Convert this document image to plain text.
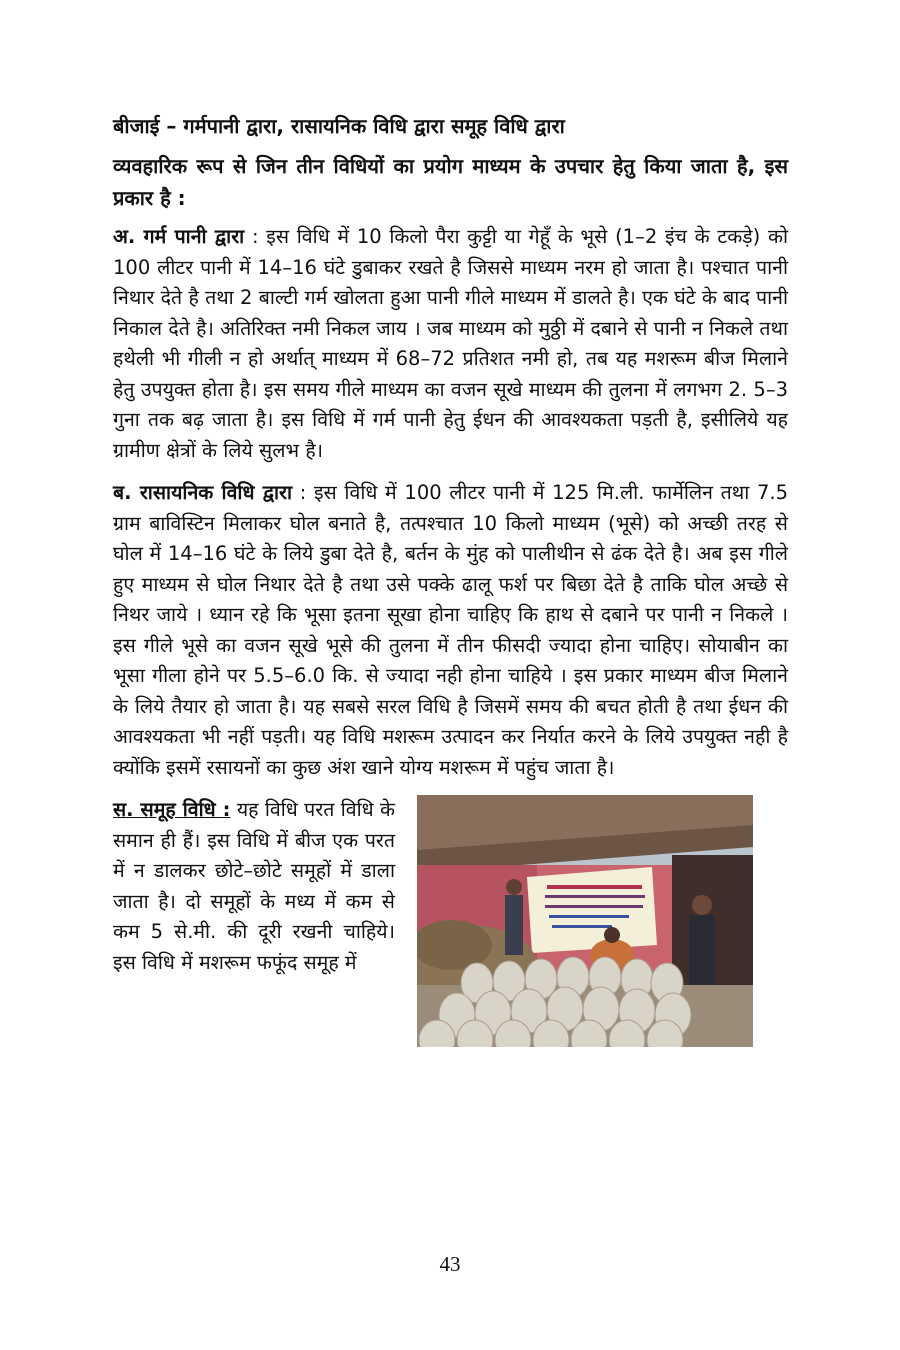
बीजाई – गर्मपानी द्वारा, रासायनिक विधि द्वारा समूह विधि द्वारा
व्यवहारिक रूप से जिन तीन विधियों का प्रयोग माध्यम के उपचार हेतु किया जाता है, इस प्रकार है :

अ. गर्म पानी द्वारा : इस विधि में 10 किलो पैरा कुट्टी या गेहूँ के भूसे (1–2 इंच के टकड़े) को 100 लीटर पानी में 14–16 घंटे डुबाकर रखते है जिससे माध्यम नरम हो जाता है। पश्चात पानी निथार देते है तथा 2 बाल्टी गर्म खोलता हुआ पानी गीले माध्यम में डालते है। एक घंटे के बाद पानी निकाल देते है। अतिरिक्त नमी निकल जाय । जब माध्यम को मुठ्ठी में दबाने से पानी न निकले तथा हथेली भी गीली न हो अर्थात् माध्यम में 68–72 प्रतिशत नमी हो, तब यह मशरूम बीज मिलाने हेतु उपयुक्त होता है। इस समय गीले माध्यम का वजन सूखे माध्यम की तुलना में लगभग 2. 5–3 गुना तक बढ़ जाता है। इस विधि में गर्म पानी हेतु ईधन की आवश्यकता पड़ती है, इसीलिये यह ग्रामीण क्षेत्रों के लिये सुलभ है।

ब. रासायनिक विधि द्वारा : इस विधि में 100 लीटर पानी में 125 मि.ली. फार्मेलिन तथा 7.5 ग्राम बाविस्टिन मिलाकर घोल बनाते है, तत्पश्चात 10 किलो माध्यम (भूसे) को अच्छी तरह से घोल में 14–16 घंटे के लिये डुबा देते है, बर्तन के मुंह को पालीथीन से ढंक देते है। अब इस गीले हुए माध्यम से घोल निथार देते है तथा उसे पक्के ढालू फर्श पर बिछा देते है ताकि घोल अच्छे से निथर जाये । ध्यान रहे कि भूसा इतना सूखा होना चाहिए कि हाथ से दबाने पर पानी न निकले । इस गीले भूसे का वजन सूखे भूसे की तुलना में तीन फीसदी ज्यादा होना चाहिए। सोयाबीन का भूसा गीला होने पर 5.5–6.0 कि. से ज्यादा नही होना चाहिये । इस प्रकार माध्यम बीज मिलाने के लिये तैयार हो जाता है। यह सबसे सरल विधि है जिसमें समय की बचत होती है तथा ईधन की आवश्यकता भी नहीं पड़ती। यह विधि मशरूम उत्पादन कर निर्यात करने के लिये उपयुक्त नही है क्योंकि इसमें रसायनों का कुछ अंश खाने योग्य मशरूम में पहुंच जाता है।

स. समूह विधि : यह विधि परत विधि के समान ही हैं। इस विधि में बीज एक परत में न डालकर छोटे–छोटे समूहों में डाला जाता है। दो समूहों के मध्य में कम से कम 5 से.मी. की दूरी रखनी चाहिये। इस विधि में मशरूम फफूंद समूह में

43
